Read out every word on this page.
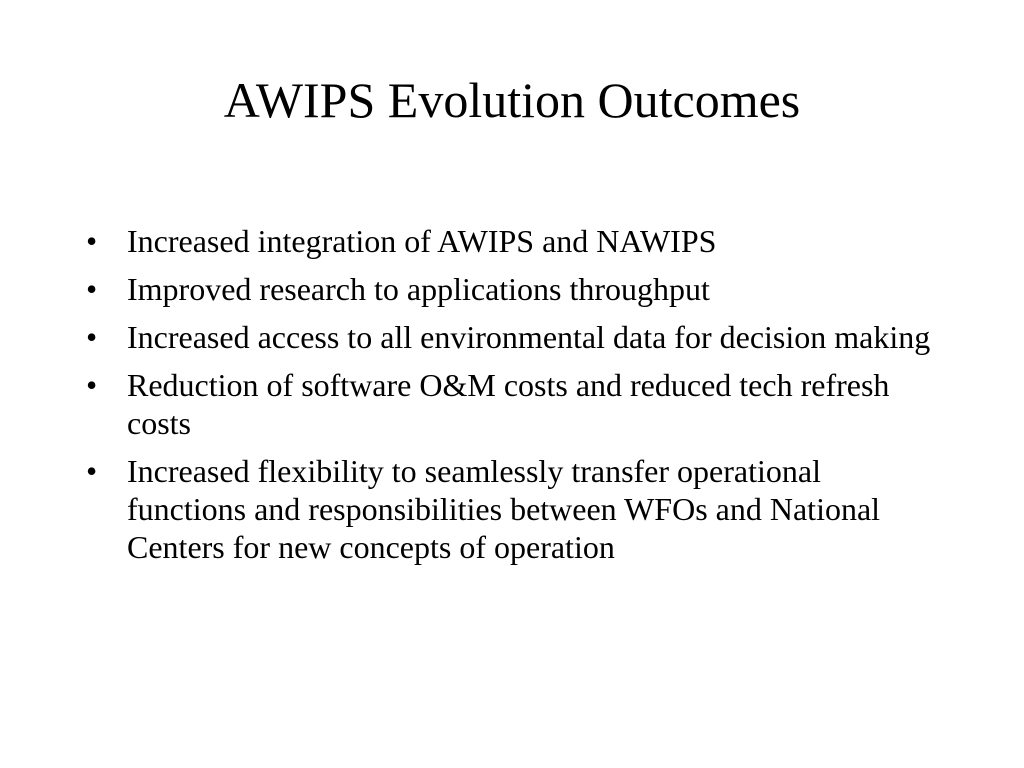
AWIPS Evolution Outcomes
• Increased integration of AWIPS and NAWIPS
• Improved research to applications throughput
• Increased access to all environmental data for decision making
• Reduction of software O&M costs and reduced tech refresh costs
• Increased flexibility to seamlessly transfer operational functions and responsibilities between WFOs and National Centers for new concepts of operation
